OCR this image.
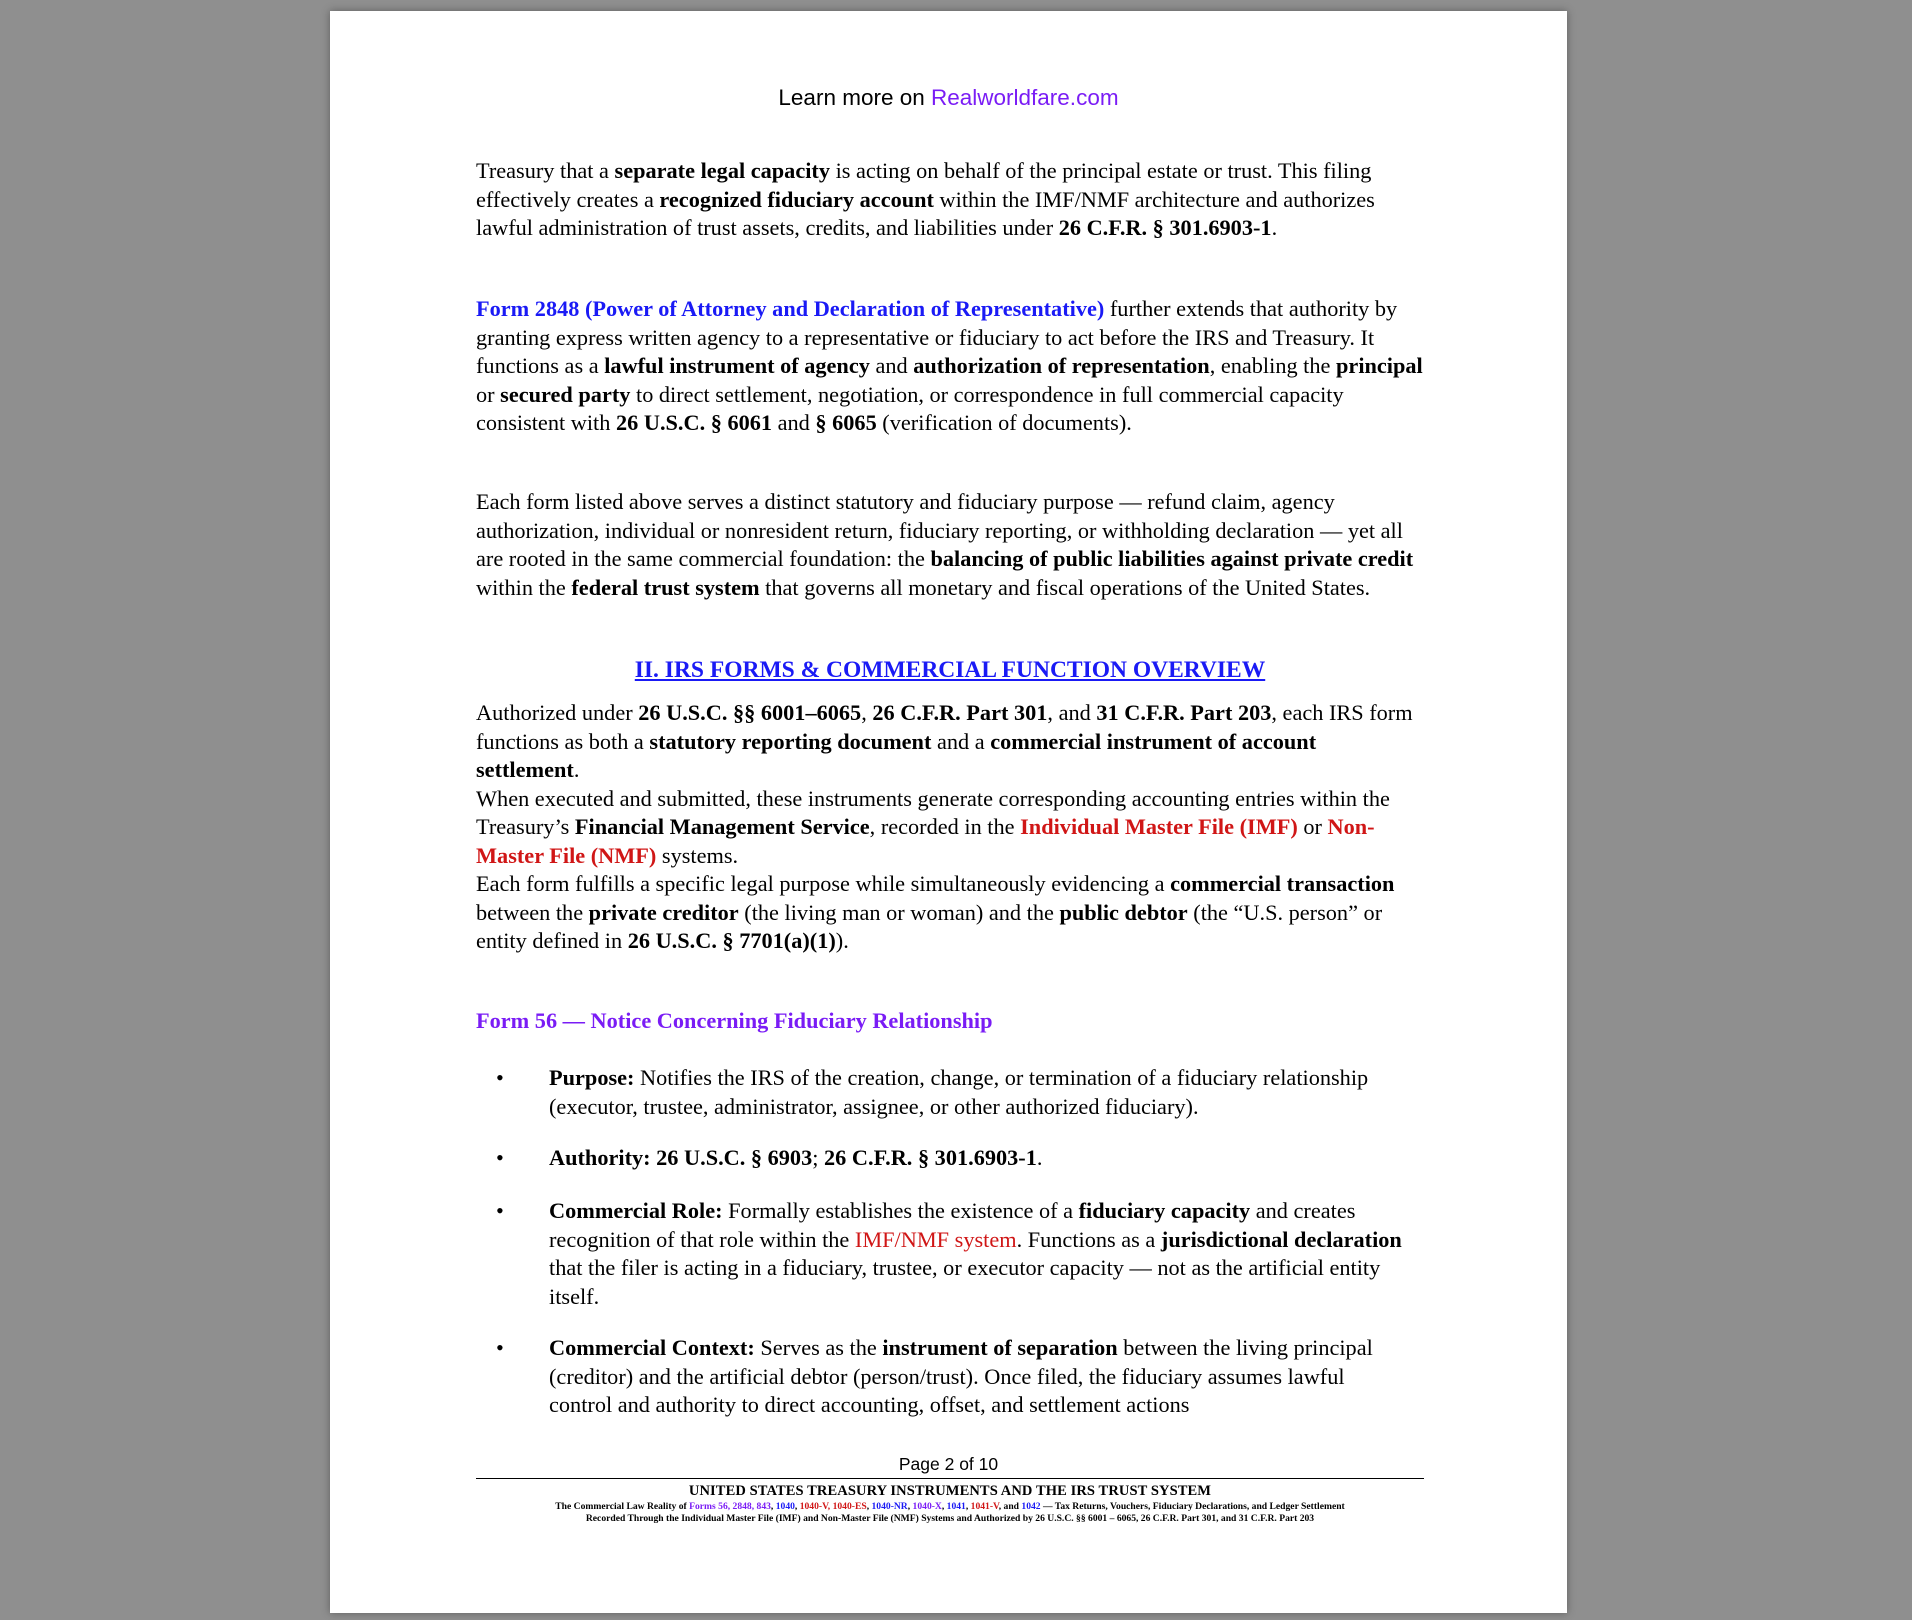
Learn more on Realworldfare.com

Treasury that a separate legal capacity is acting on behalf of the principal estate or trust. This filing effectively creates a recognized fiduciary account within the IMF/NMF architecture and authorizes lawful administration of trust assets, credits, and liabilities under 26 C.F.R. § 301.6903-1.

Form 2848 (Power of Attorney and Declaration of Representative) further extends that authority by granting express written agency to a representative or fiduciary to act before the IRS and Treasury. It functions as a lawful instrument of agency and authorization of representation, enabling the principal or secured party to direct settlement, negotiation, or correspondence in full commercial capacity consistent with 26 U.S.C. § 6061 and § 6065 (verification of documents).

Each form listed above serves a distinct statutory and fiduciary purpose — refund claim, agency authorization, individual or nonresident return, fiduciary reporting, or withholding declaration — yet all are rooted in the same commercial foundation: the balancing of public liabilities against private credit within the federal trust system that governs all monetary and fiscal operations of the United States.

II. IRS FORMS & COMMERCIAL FUNCTION OVERVIEW

Authorized under 26 U.S.C. §§ 6001–6065, 26 C.F.R. Part 301, and 31 C.F.R. Part 203, each IRS form functions as both a statutory reporting document and a commercial instrument of account settlement.
When executed and submitted, these instruments generate corresponding accounting entries within the Treasury’s Financial Management Service, recorded in the Individual Master File (IMF) or Non-Master File (NMF) systems.
Each form fulfills a specific legal purpose while simultaneously evidencing a commercial transaction between the private creditor (the living man or woman) and the public debtor (the “U.S. person” or entity defined in 26 U.S.C. § 7701(a)(1)).

Form 56 — Notice Concerning Fiduciary Relationship
• Purpose: Notifies the IRS of the creation, change, or termination of a fiduciary relationship (executor, trustee, administrator, assignee, or other authorized fiduciary).
• Authority: 26 U.S.C. § 6903; 26 C.F.R. § 301.6903-1.
• Commercial Role: Formally establishes the existence of a fiduciary capacity and creates recognition of that role within the IMF/NMF system. Functions as a jurisdictional declaration that the filer is acting in a fiduciary, trustee, or executor capacity — not as the artificial entity itself.
• Commercial Context: Serves as the instrument of separation between the living principal (creditor) and the artificial debtor (person/trust). Once filed, the fiduciary assumes lawful control and authority to direct accounting, offset, and settlement actions
Page 2 of 10
UNITED STATES TREASURY INSTRUMENTS AND THE IRS TRUST SYSTEM
The Commercial Law Reality of Forms 56, 2848, 843, 1040, 1040-V, 1040-ES, 1040-NR, 1040-X, 1041, 1041-V, and 1042 — Tax Returns, Vouchers, Fiduciary Declarations, and Ledger Settlement
Recorded Through the Individual Master File (IMF) and Non-Master File (NMF) Systems and Authorized by 26 U.S.C. §§ 6001 – 6065, 26 C.F.R. Part 301, and 31 C.F.R. Part 203
